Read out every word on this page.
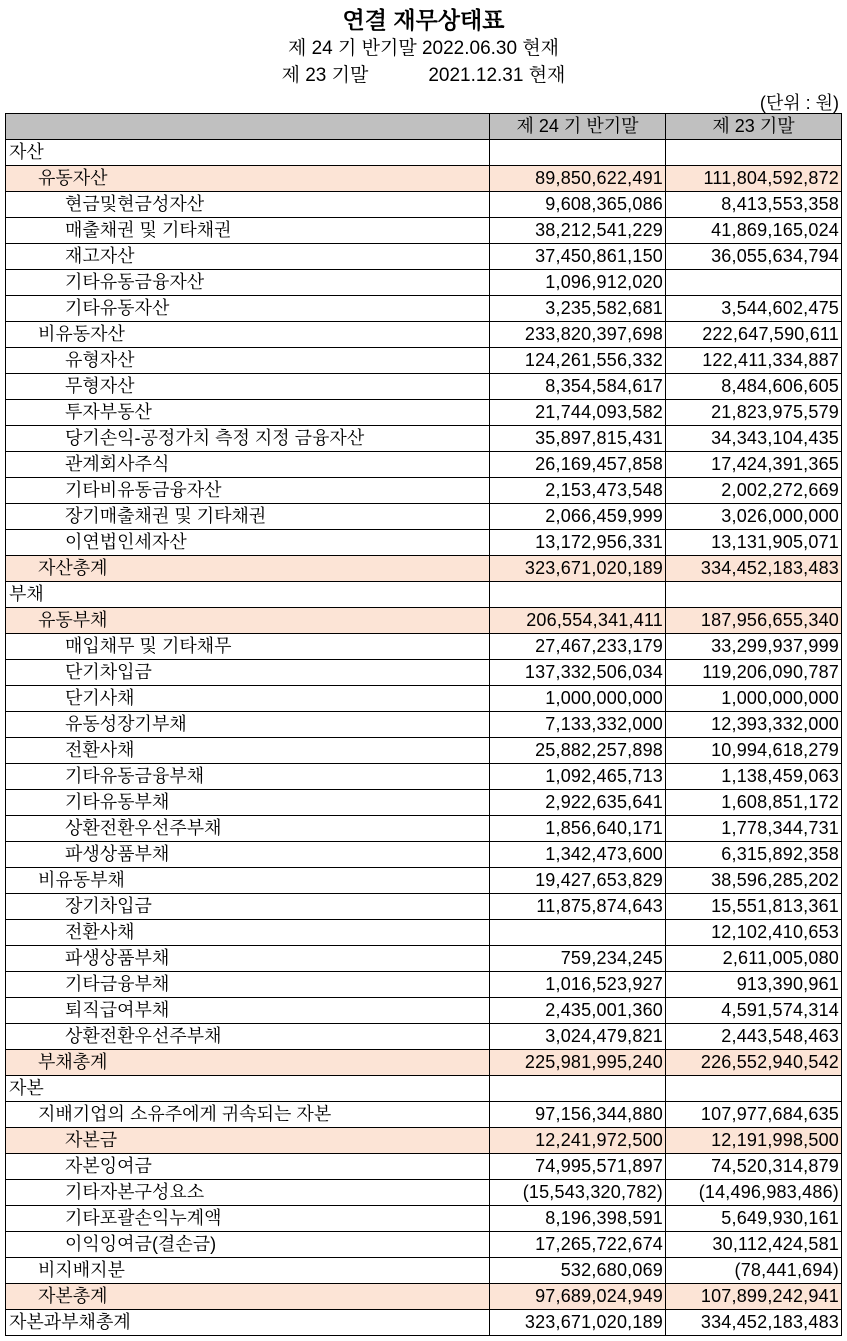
연결 재무상태표
제 24 기 반기말 2022.06.30 현재
제 23 기말	2021.12.31 현재
(단위 : 원)
	제 24 기 반기말	제 23 기말
자산		
유동자산	89,850,622,491	111,804,592,872
현금및현금성자산	9,608,365,086	8,413,553,358
매출채권 및 기타채권	38,212,541,229	41,869,165,024
재고자산	37,450,861,150	36,055,634,794
기타유동금융자산	1,096,912,020	
기타유동자산	3,235,582,681	3,544,602,475
비유동자산	233,820,397,698	222,647,590,611
유형자산	124,261,556,332	122,411,334,887
무형자산	8,354,584,617	8,484,606,605
투자부동산	21,744,093,582	21,823,975,579
당기손익-공정가치 측정 지정 금융자산	35,897,815,431	34,343,104,435
관계회사주식	26,169,457,858	17,424,391,365
기타비유동금융자산	2,153,473,548	2,002,272,669
장기매출채권 및 기타채권	2,066,459,999	3,026,000,000
이연법인세자산	13,172,956,331	13,131,905,071
자산총계	323,671,020,189	334,452,183,483
부채		
유동부채	206,554,341,411	187,956,655,340
매입채무 및 기타채무	27,467,233,179	33,299,937,999
단기차입금	137,332,506,034	119,206,090,787
단기사채	1,000,000,000	1,000,000,000
유동성장기부채	7,133,332,000	12,393,332,000
전환사채	25,882,257,898	10,994,618,279
기타유동금융부채	1,092,465,713	1,138,459,063
기타유동부채	2,922,635,641	1,608,851,172
상환전환우선주부채	1,856,640,171	1,778,344,731
파생상품부채	1,342,473,600	6,315,892,358
비유동부채	19,427,653,829	38,596,285,202
장기차입금	11,875,874,643	15,551,813,361
전환사채		12,102,410,653
파생상품부채	759,234,245	2,611,005,080
기타금융부채	1,016,523,927	913,390,961
퇴직급여부채	2,435,001,360	4,591,574,314
상환전환우선주부채	3,024,479,821	2,443,548,463
부채총계	225,981,995,240	226,552,940,542
자본		
지배기업의 소유주에게 귀속되는 자본	97,156,344,880	107,977,684,635
자본금	12,241,972,500	12,191,998,500
자본잉여금	74,995,571,897	74,520,314,879
기타자본구성요소	(15,543,320,782)	(14,496,983,486)
기타포괄손익누계액	8,196,398,591	5,649,930,161
이익잉여금(결손금)	17,265,722,674	30,112,424,581
비지배지분	532,680,069	(78,441,694)
자본총계	97,689,024,949	107,899,242,941
자본과부채총계	323,671,020,189	334,452,183,483
